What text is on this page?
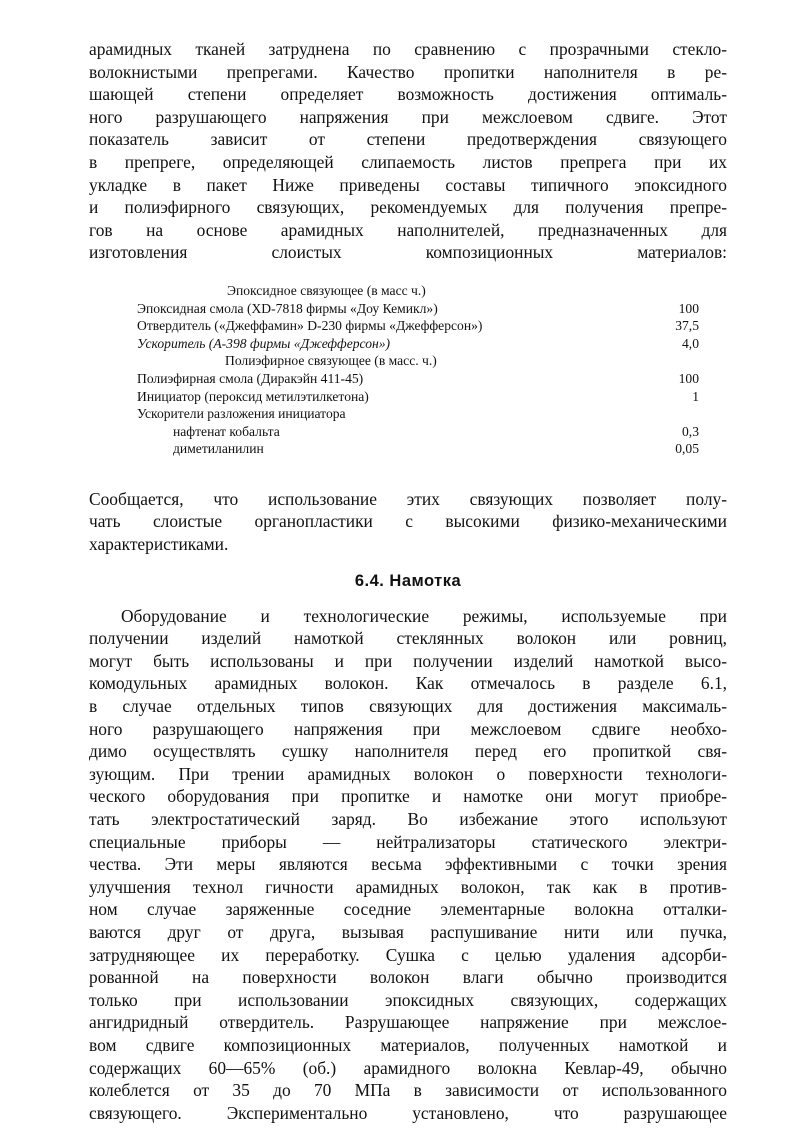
арамидных тканей затруднена по сравнению с прозрачными стекло-
волокнистыми препрегами. Качество пропитки наполнителя в ре-
шающей степени определяет возможность достижения оптималь-
ного разрушающего напряжения при межслоевом сдвиге. Этот
показатель зависит от степени предотверждения связующего
в препреге, определяющей слипаемость листов препрега при их
укладке в пакет Ниже приведены составы типичного эпоксидного
и полиэфирного связующих, рекомендуемых для получения препре-
гов на основе арамидных наполнителей, предназначенных для
изготовления слоистых композиционных материалов:
Эпоксидное связующее (в масс ч.)
Эпоксидная смола (XD-7818 фирмы «Доу Кемикл»)	100
Отвердитель («Джеффамин» D-230 фирмы «Джефферсон»)	37,5
Ускоритель (А-398 фирмы «Джефферсон»)	4,0
Полиэфирное связующее (в масс. ч.)
Полиэфирная смола (Диракэйн 411-45)	100
Инициатор (пероксид метилэтилкетона)	1
Ускорители разложения инициатора
нафтенат кобальта	0,3
диметиланилин	0,05
Сообщается, что использование этих связующих позволяет полу-
чать слоистые органопластики с высокими физико-механическими
характеристиками.
6.4. Намотка
Оборудование и технологические режимы, используемые при
получении изделий намоткой стеклянных волокон или ровниц,
могут быть использованы и при получении изделий намоткой высо-
комодульных арамидных волокон. Как отмечалось в разделе 6.1,
в случае отдельных типов связующих для достижения максималь-
ного разрушающего напряжения при межслоевом сдвиге необхо-
димо осуществлять сушку наполнителя перед его пропиткой свя-
зующим. При трении арамидных волокон о поверхности технологи-
ческого оборудования при пропитке и намотке они могут приобре-
тать электростатический заряд. Во избежание этого используют
специальные приборы — нейтрализаторы статического электри-
чества. Эти меры являются весьма эффективными с точки зрения
улучшения технол гичности арамидных волокон, так как в против-
ном случае заряженные соседние элементарные волокна отталки-
ваются друг от друга, вызывая распушивание нити или пучка,
затрудняющее их переработку. Сушка с целью удаления адсорби-
рованной на поверхности волокон влаги обычно производится
только при использовании эпоксидных связующих, содержащих
ангидридный отвердитель. Разрушающее напряжение при межслое-
вом сдвиге композиционных материалов, полученных намоткой и
содержащих 60—65% (об.) арамидного волокна Кевлар-49, обычно
колеблется от 35 до 70 МПа в зависимости от использованного
связующего. Экспериментально установлено, что разрушающее
